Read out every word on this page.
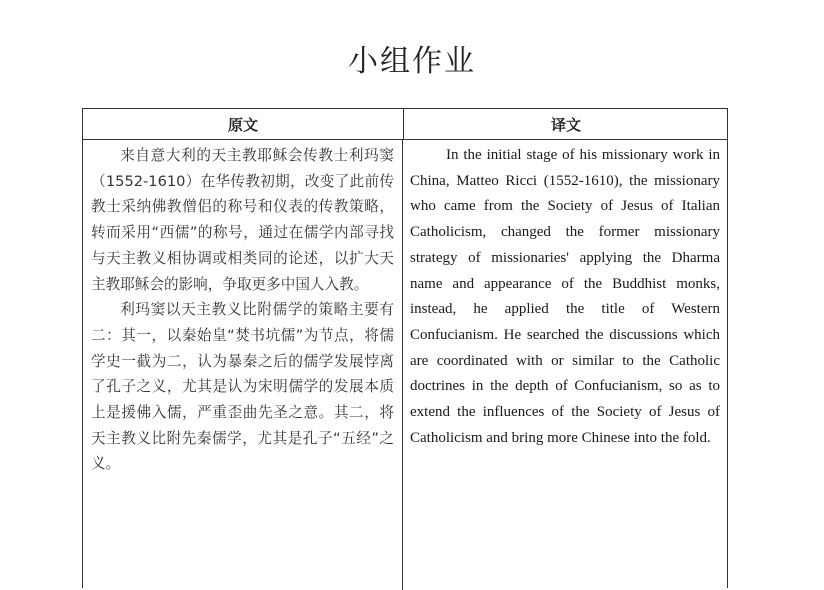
小组作业
原文	译文

来自意大利的天主教耶稣会传教士利玛窦（1552-1610）在华传教初期，改变了此前传教士采纳佛教僧侣的称号和仪表的传教策略，转而采用“西儒”的称号，通过在儒学内部寻找与天主教义相协调或相类同的论述，以扩大天主教耶稣会的影响，争取更多中国人入教。

利玛窦以天主教义比附儒学的策略主要有二：其一，以秦始皇“焚书坑儒”为节点，将儒学史一截为二，认为暴秦之后的儒学发展悖离了孔子之义，尤其是认为宋明儒学的发展本质上是援佛入儒，严重歪曲先圣之意。其二，将天主教义比附先秦儒学，尤其是孔子“五经”之义。

In the initial stage of his missionary work in China, Matteo Ricci (1552-1610), the missionary who came from the Society of Jesus of Italian Catholicism, changed the former missionary strategy of missionaries' applying the Dharma name and appearance of the Buddhist monks, instead, he applied the title of Western Confucianism. He searched the discussions which are coordinated with or similar to the Catholic doctrines in the depth of Confucianism, so as to extend the influences of the Society of Jesus of Catholicism and bring more Chinese into the fold.
